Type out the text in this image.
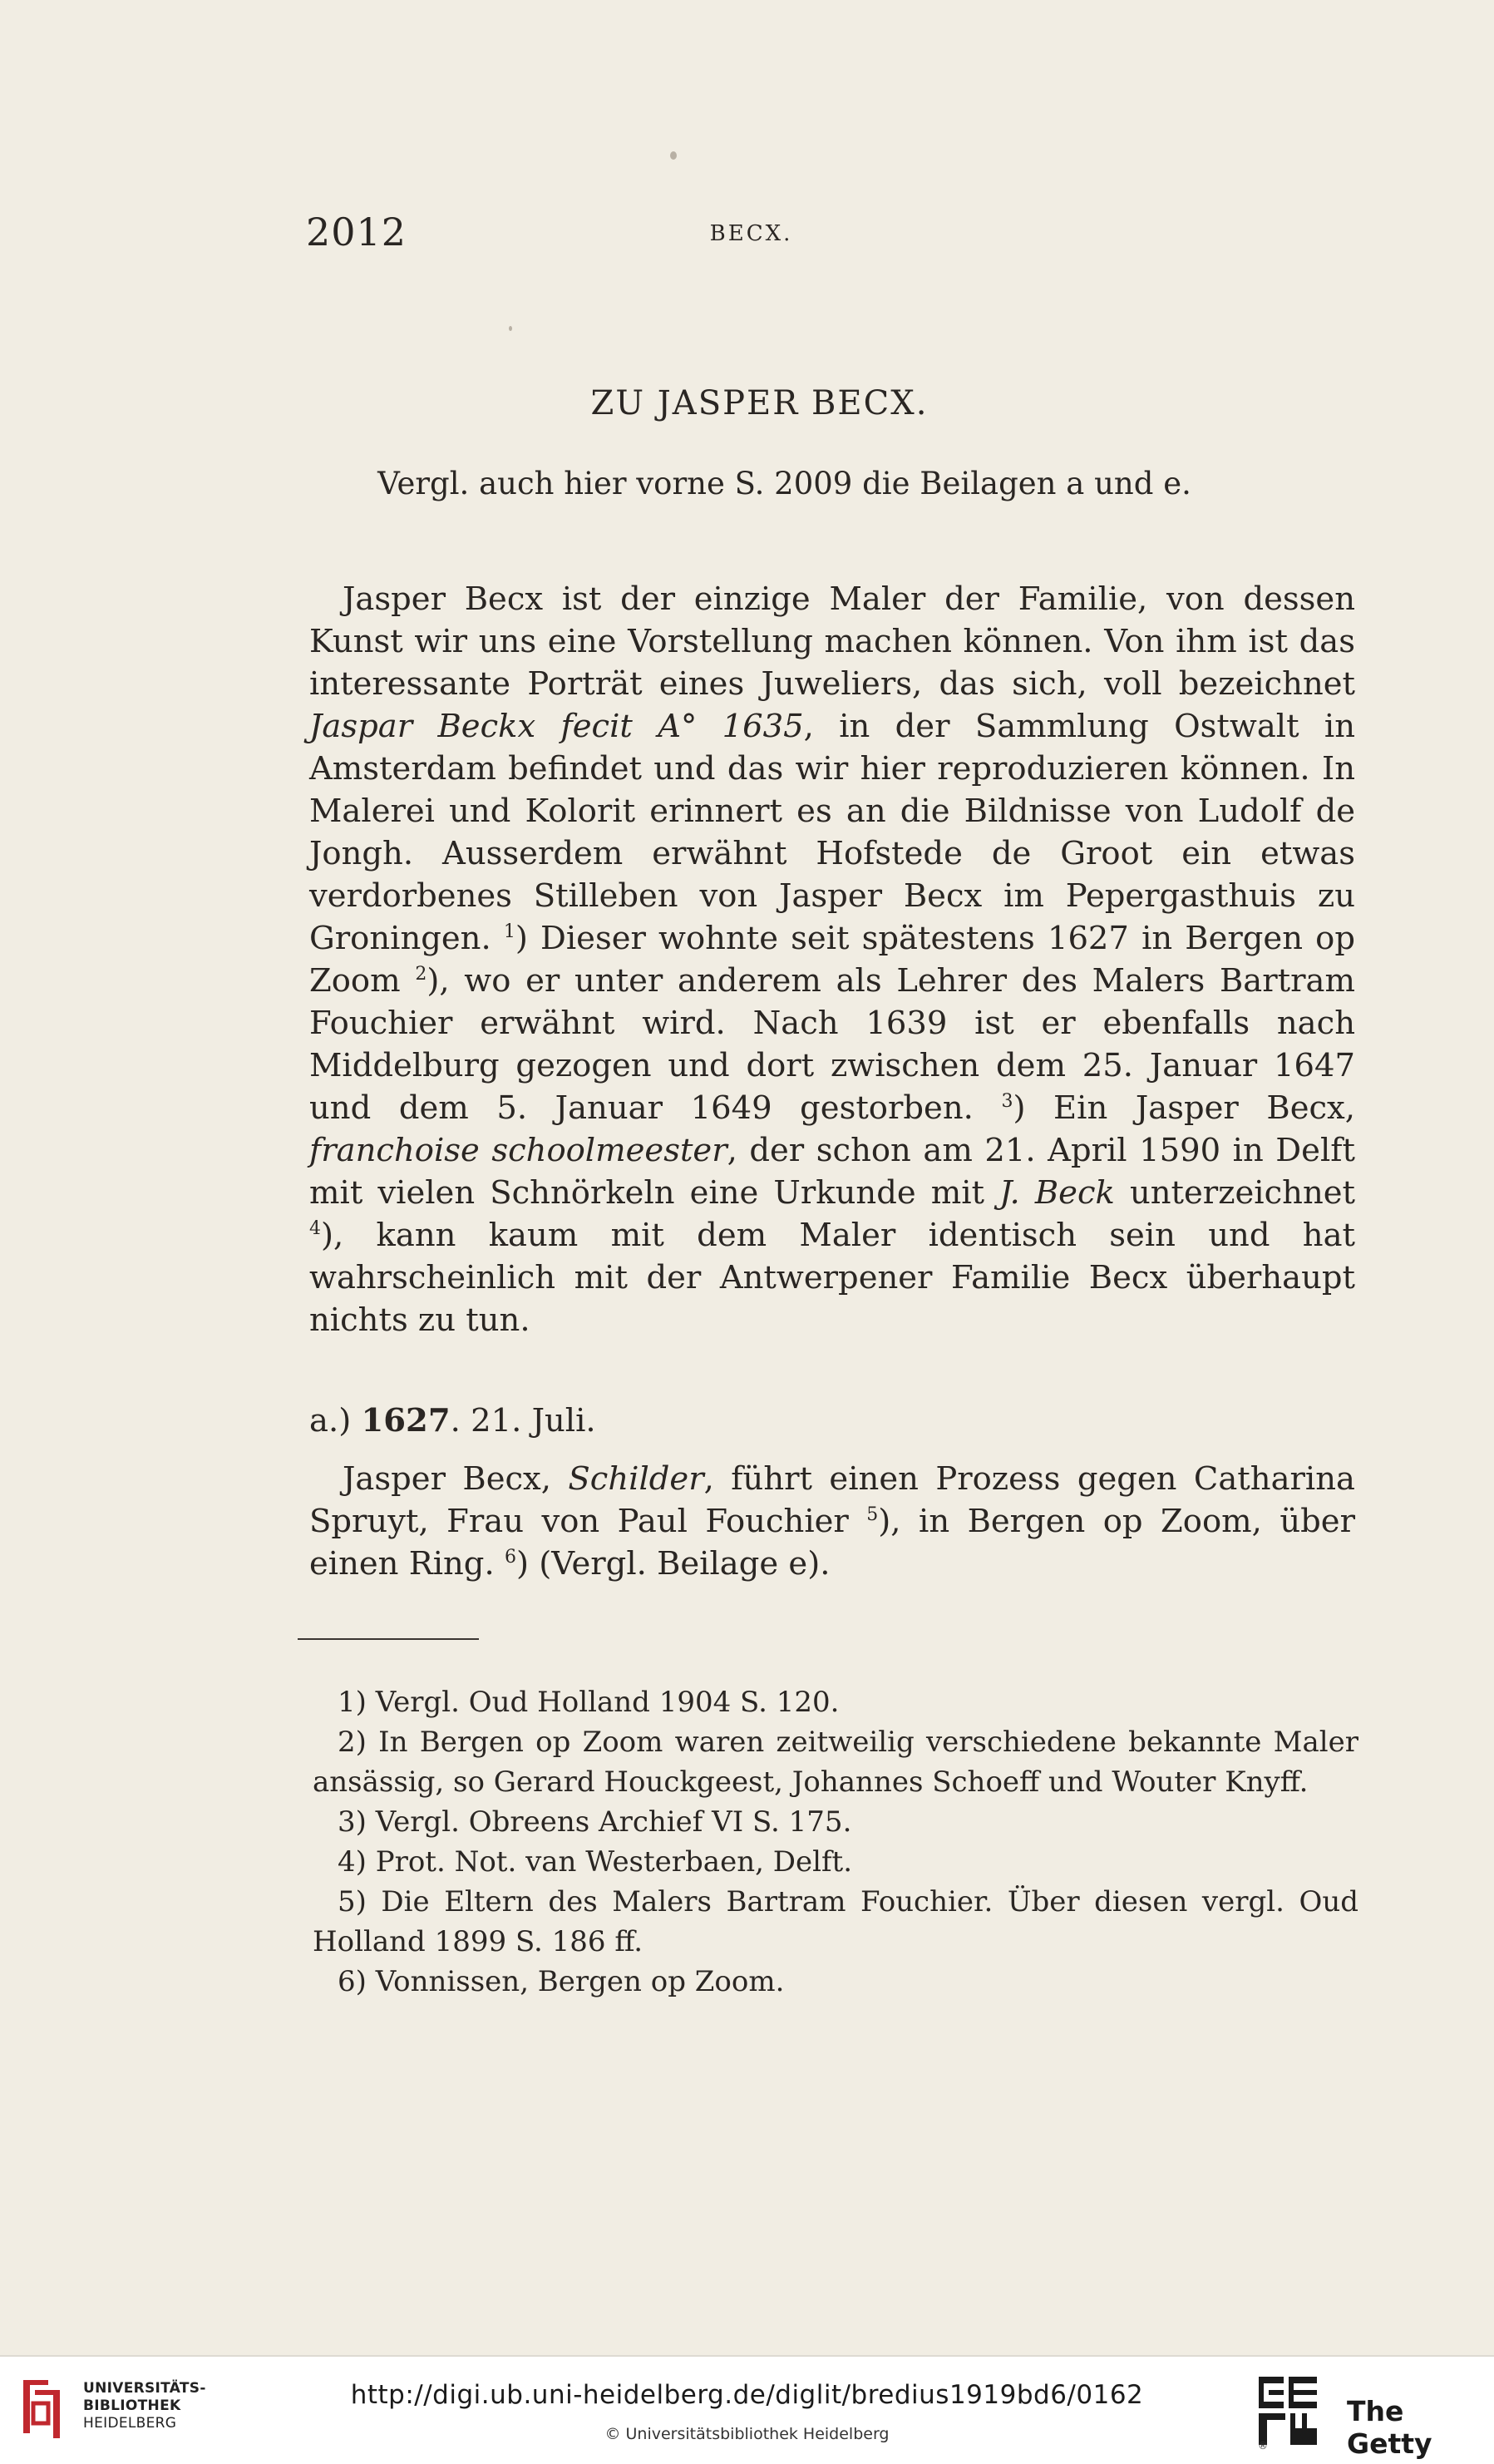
2012	BECX.
ZU JASPER BECX.
Vergl. auch hier vorne S. 2009 die Beilagen a und e.

Jasper Becx ist der einzige Maler der Familie, von dessen Kunst wir uns eine Vorstellung machen können. Von ihm ist das interessante Porträt eines Juweliers, das sich, voll bezeichnet Jaspar Beckx fecit A° 1635, in der Sammlung Ostwalt in Amsterdam befindet und das wir hier reproduzieren können. In Malerei und Kolorit erinnert es an die Bildnisse von Ludolf de Jongh. Ausserdem erwähnt Hofstede de Groot ein etwas verdorbenes Stilleben von Jasper Becx im Pepergasthuis zu Groningen. $^1$) Dieser wohnte seit spätestens 1627 in Bergen op Zoom $^2$), wo er unter anderem als Lehrer des Malers Bartram Fouchier erwähnt wird. Nach 1639 ist er ebenfalls nach Middelburg gezogen und dort zwischen dem 25. Januar 1647 und dem 5. Januar 1649 gestorben. $^3$) Ein Jasper Becx, franchoise schoolmeester, der schon am 21. April 1590 in Delft mit vielen Schnörkeln eine Urkunde mit J. Beck unterzeichnet $^4$), kann kaum mit dem Maler identisch sein und hat wahrscheinlich mit der Antwerpener Familie Becx überhaupt nichts zu tun.

a.) 1627. 21. Juli.

Jasper Becx, Schilder, führt einen Prozess gegen Catharina Spruyt, Frau von Paul Fouchier $^5$), in Bergen op Zoom, über einen Ring. $^6$) (Vergl. Beilage e).

1) Vergl. Oud Holland 1904 S. 120.

2) In Bergen op Zoom waren zeitweilig verschiedene bekannte Maler ansässig, so Gerard Houckgeest, Johannes Schoeff und Wouter Knyff.

3) Vergl. Obreens Archief VI S. 175.

4) Prot. Not. van Westerbaen, Delft.

5) Die Eltern des Malers Bartram Fouchier. Über diesen vergl. Oud Holland 1899 S. 186 ff.

6) Vonnissen, Bergen op Zoom.

UNIVERSITÄTS-
BIBLIOTHEK
HEIDELBERG
http://digi.ub.uni-heidelberg.de/diglit/bredius1919bd6/0162
© Universitätsbibliothek Heidelberg
®
The Getty
